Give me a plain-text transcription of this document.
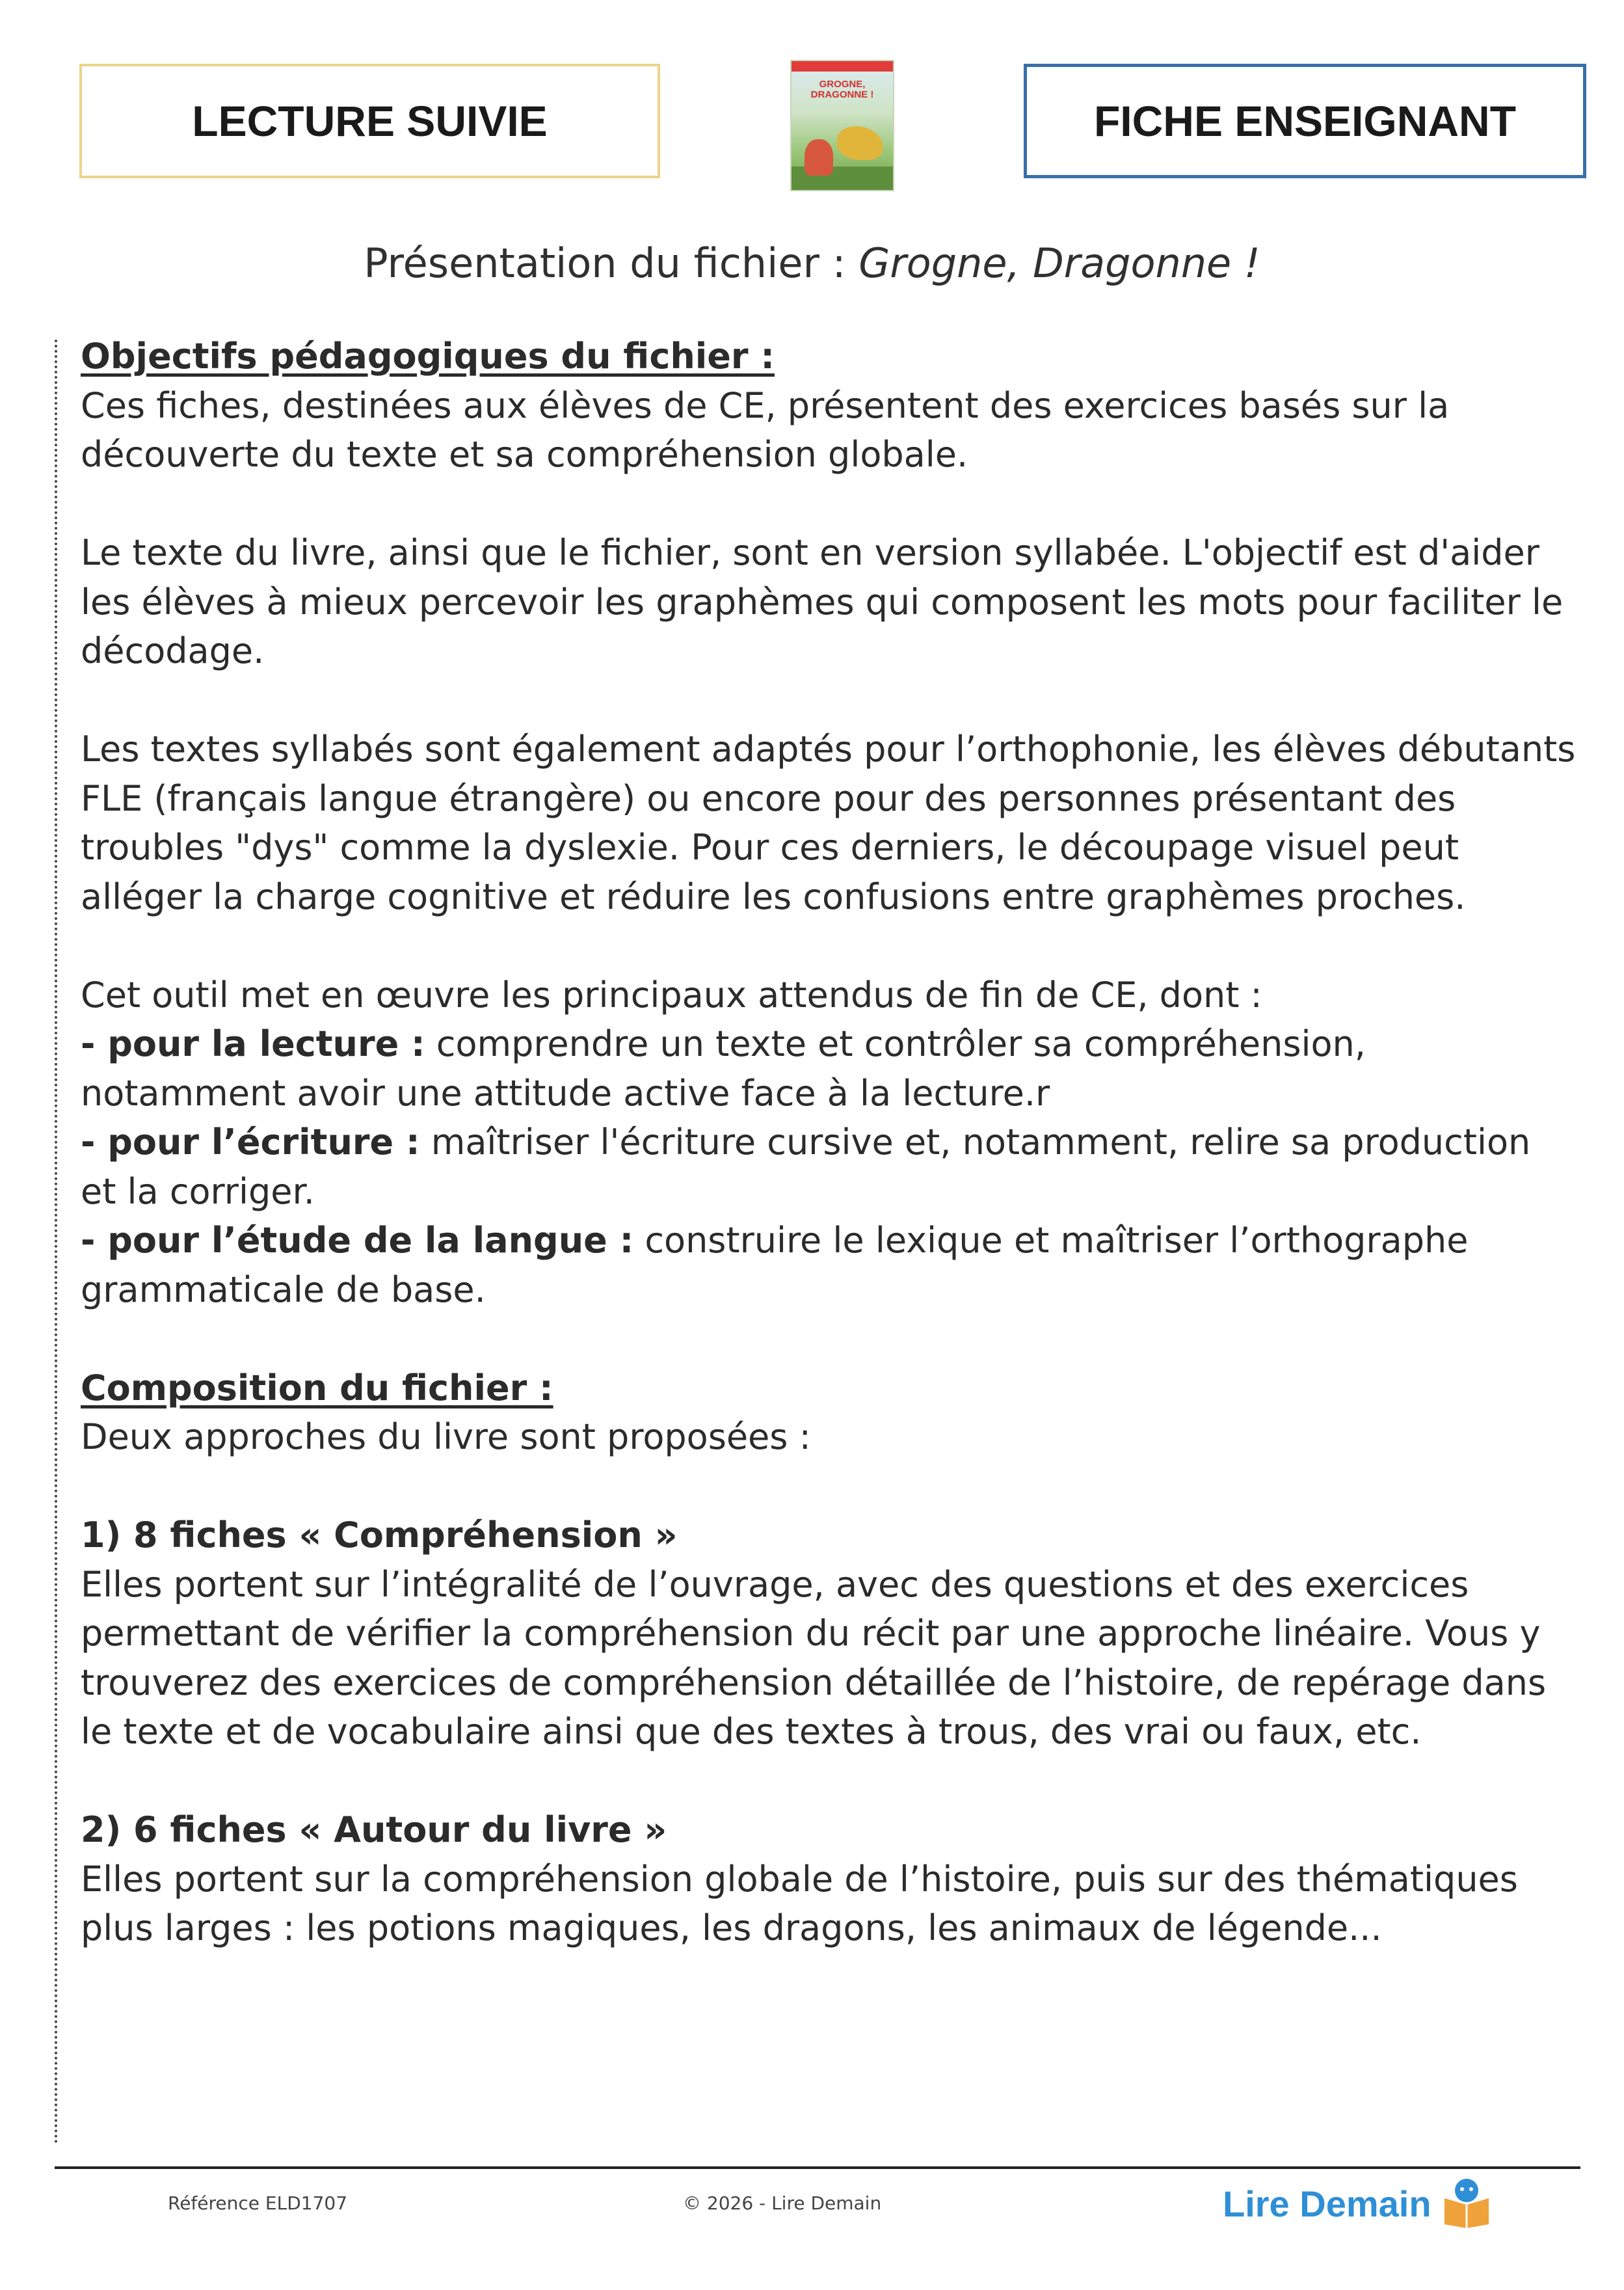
LECTURE SUIVIE
GROGNE,
DRAGONNE !
FICHE ENSEIGNANT
Présentation du fichier : Grogne, Dragonne !

Objectifs pédagogiques du fichier :

Ces fiches, destinées aux élèves de CE, présentent des exercices basés sur la découverte du texte et sa compréhension globale.

Le texte du livre, ainsi que le fichier, sont en version syllabée. L'objectif est d'aider les élèves à mieux percevoir les graphèmes qui composent les mots pour faciliter le décodage.

Les textes syllabés sont également adaptés pour l’orthophonie, les élèves débutants FLE (français langue étrangère) ou encore pour des personnes présentant des troubles "dys" comme la dyslexie. Pour ces derniers, le découpage visuel peut alléger la charge cognitive et réduire les confusions entre graphèmes proches.

Cet outil met en œuvre les principaux attendus de fin de CE, dont :

- pour la lecture : comprendre un texte et contrôler sa compréhension, notamment avoir une attitude active face à la lecture.r

- pour l’écriture : maîtriser l'écriture cursive et, notamment, relire sa production et la corriger.

- pour l’étude de la langue : construire le lexique et maîtriser l’orthographe grammaticale de base.

Composition du fichier :

Deux approches du livre sont proposées :

1) 8 fiches « Compréhension »

Elles portent sur l’intégralité de l’ouvrage, avec des questions et des exercices permettant de vérifier la compréhension du récit par une approche linéaire. Vous y trouverez des exercices de compréhension détaillée de l’histoire, de repérage dans le texte et de vocabulaire ainsi que des textes à trous, des vrai ou faux, etc.

2) 6 fiches « Autour du livre »

Elles portent sur la compréhension globale de l’histoire, puis sur des thématiques plus larges : les potions magiques, les dragons, les animaux de légende...

Référence ELD1707	© 2026 - Lire Demain	Lire Demain
